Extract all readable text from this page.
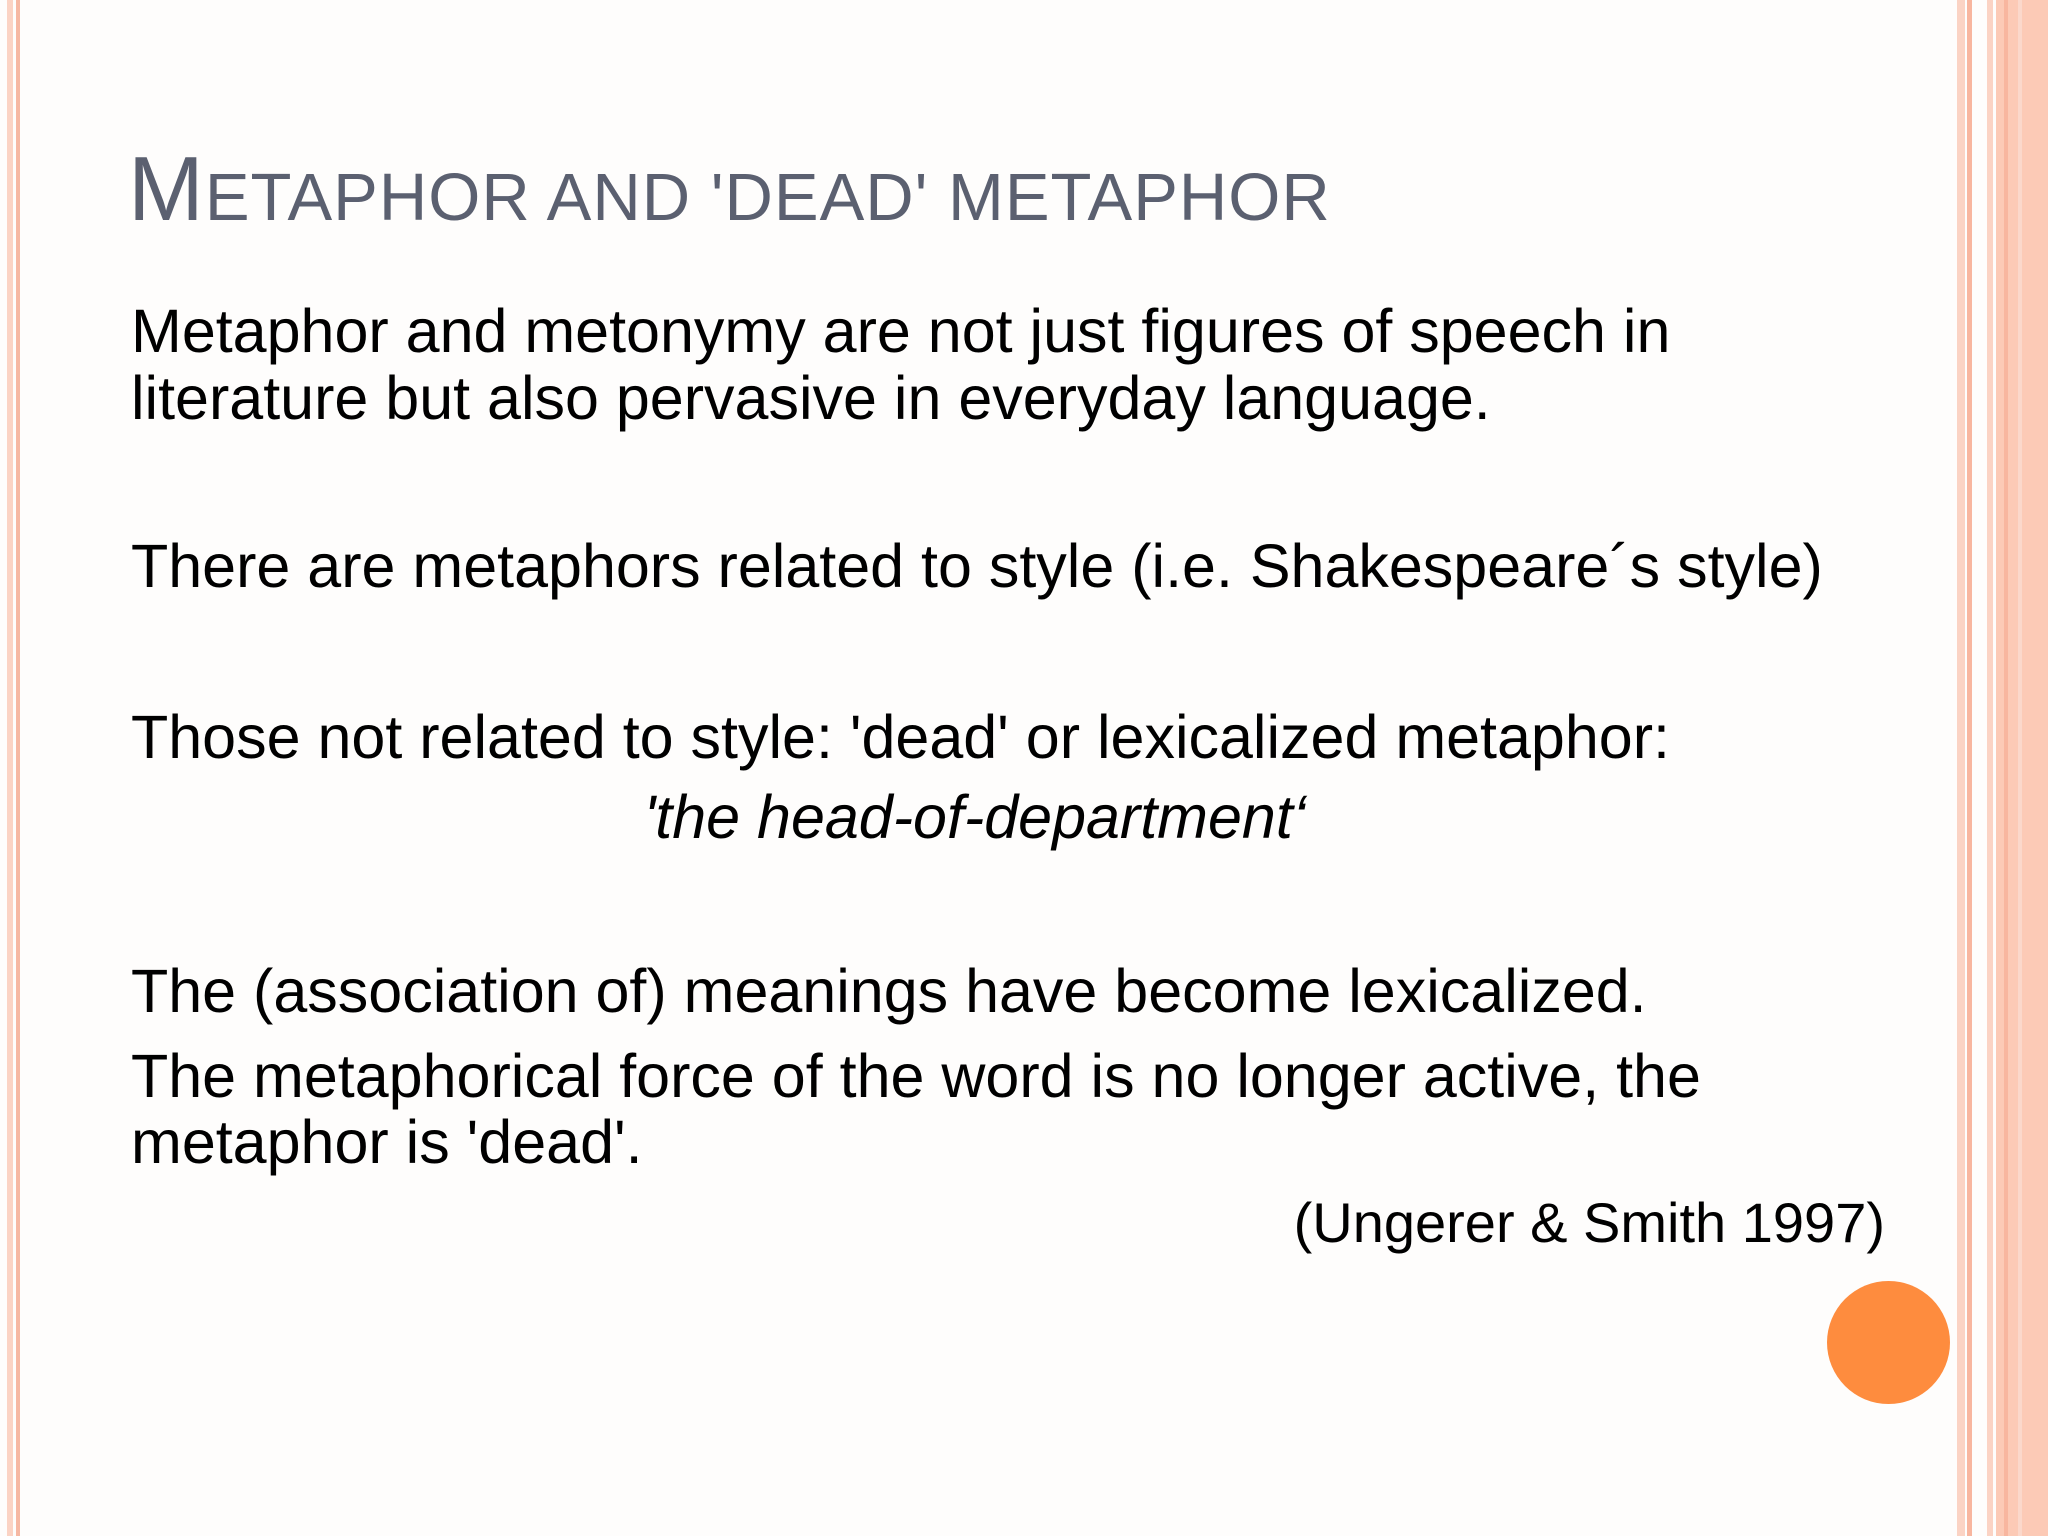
METAPHOR AND 'DEAD' METAPHOR
Metaphor and metonymy are not just figures of speech in
literature but also pervasive in everyday language.
There are metaphors related to style (i.e. Shakespeare´s style)
Those not related to style: 'dead' or lexicalized metaphor:
'the head-of-department‘
The (association of) meanings have become lexicalized.
The metaphorical force of the word is no longer active, the
metaphor is 'dead'.
(Ungerer & Smith 1997)
